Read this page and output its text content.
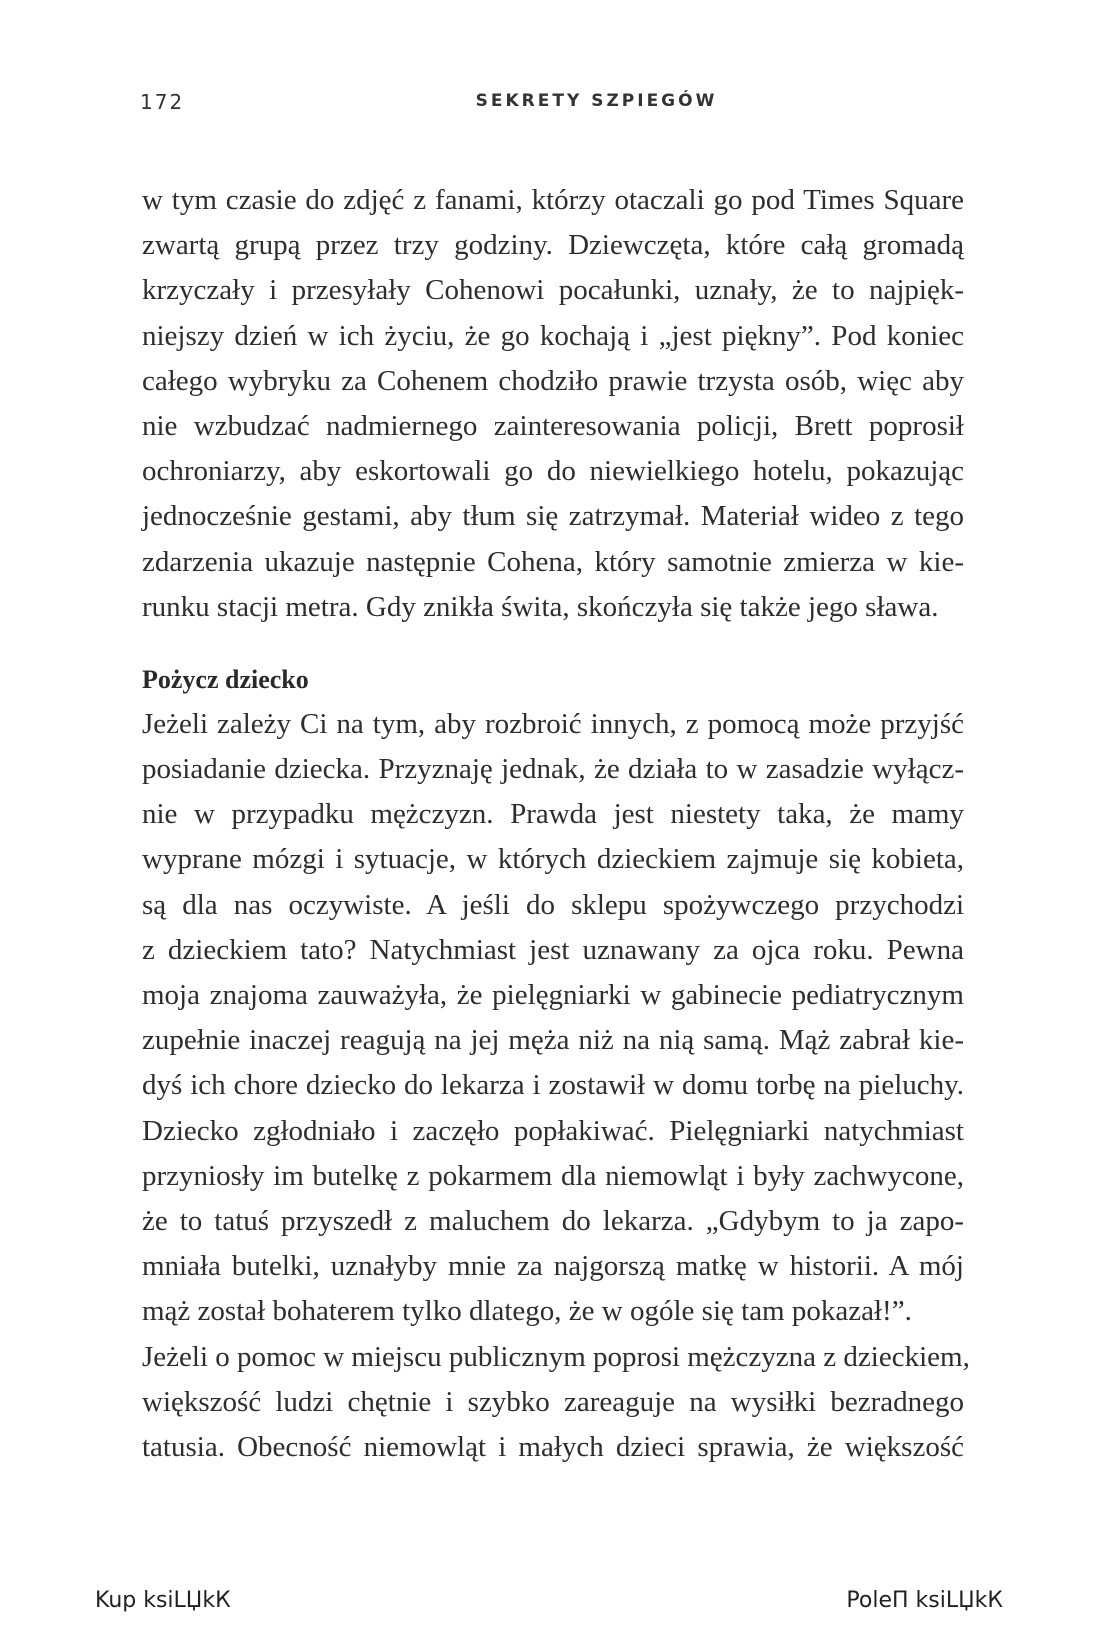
172	SEKRETY SZPIEGÓW
w tym czasie do zdjęć z fanami, którzy otaczali go pod Times Square
zwartą grupą przez trzy godziny. Dziewczęta, które całą gromadą
krzyczały i przesyłały Cohenowi pocałunki, uznały, że to najpięk-
niejszy dzień w ich życiu, że go kochają i „jest piękny”. Pod koniec
całego wybryku za Cohenem chodziło prawie trzysta osób, więc aby
nie wzbudzać nadmiernego zainteresowania policji, Brett poprosił
ochroniarzy, aby eskortowali go do niewielkiego hotelu, pokazując
jednocześnie gestami, aby tłum się zatrzymał. Materiał wideo z tego
zdarzenia ukazuje następnie Cohena, który samotnie zmierza w kie-
runku stacji metra. Gdy znikła świta, skończyła się także jego sława.
Pożycz dziecko
Jeżeli zależy Ci na tym, aby rozbroić innych, z pomocą może przyjść
posiadanie dziecka. Przyznaję jednak, że działa to w zasadzie wyłącz-
nie w przypadku mężczyzn. Prawda jest niestety taka, że mamy
wyprane mózgi i sytuacje, w których dzieckiem zajmuje się kobieta,
są dla nas oczywiste. A jeśli do sklepu spożywczego przychodzi
z dzieckiem tato? Natychmiast jest uznawany za ojca roku. Pewna
moja znajoma zauważyła, że pielęgniarki w gabinecie pediatrycznym
zupełnie inaczej reagują na jej męża niż na nią samą. Mąż zabrał kie-
dyś ich chore dziecko do lekarza i zostawił w domu torbę na pieluchy.
Dziecko zgłodniało i zaczęło popłakiwać. Pielęgniarki natychmiast
przyniosły im butelkę z pokarmem dla niemowląt i były zachwycone,
że to tatuś przyszedł z maluchem do lekarza. „Gdybym to ja zapo-
mniała butelki, uznałyby mnie za najgorszą matkę w historii. A mój
mąż został bohaterem tylko dlatego, że w ogóle się tam pokazał!”.
Jeżeli o pomoc w miejscu publicznym poprosi mężczyzna z dzieckiem,
większość ludzi chętnie i szybko zareaguje na wysiłki bezradnego
tatusia. Obecność niemowląt i małych dzieci sprawia, że większość
Kup ksiLЏkК	PoleП ksiLЏkК
